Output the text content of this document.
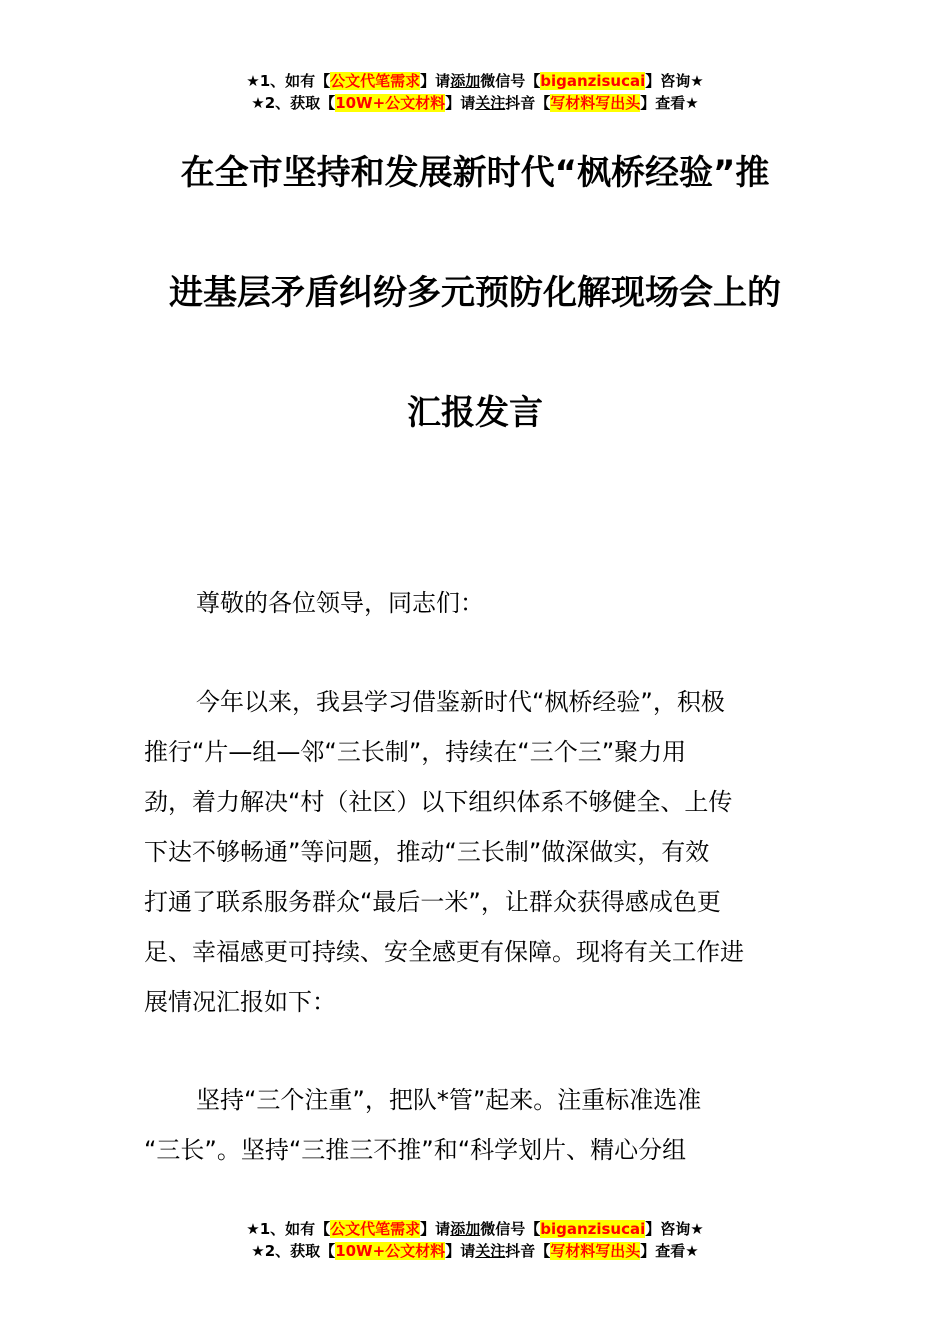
★1、如有【公文代笔需求】请添加微信号【biganzisucai】咨询★
★2、获取【10W+公文材料】请关注抖音【写材料写出头】查看★
在全市坚持和发展新时代“枫桥经验”推
进基层矛盾纠纷多元预防化解现场会上的
汇报发言
尊敬的各位领导，同志们：
今年以来，我县学习借鉴新时代“枫桥经验”，积极
推行“片—组—邻“三长制”，持续在“三个三”聚力用
劲，着力解决“村（社区）以下组织体系不够健全、上传
下达不够畅通”等问题，推动“三长制”做深做实，有效
打通了联系服务群众“最后一米”，让群众获得感成色更
足、幸福感更可持续、安全感更有保障。现将有关工作进
展情况汇报如下：
坚持“三个注重”，把队*管”起来。注重标准选准
“三长”。坚持“三推三不推”和“科学划片、精心分组
★1、如有【公文代笔需求】请添加微信号【biganzisucai】咨询★
★2、获取【10W+公文材料】请关注抖音【写材料写出头】查看★
